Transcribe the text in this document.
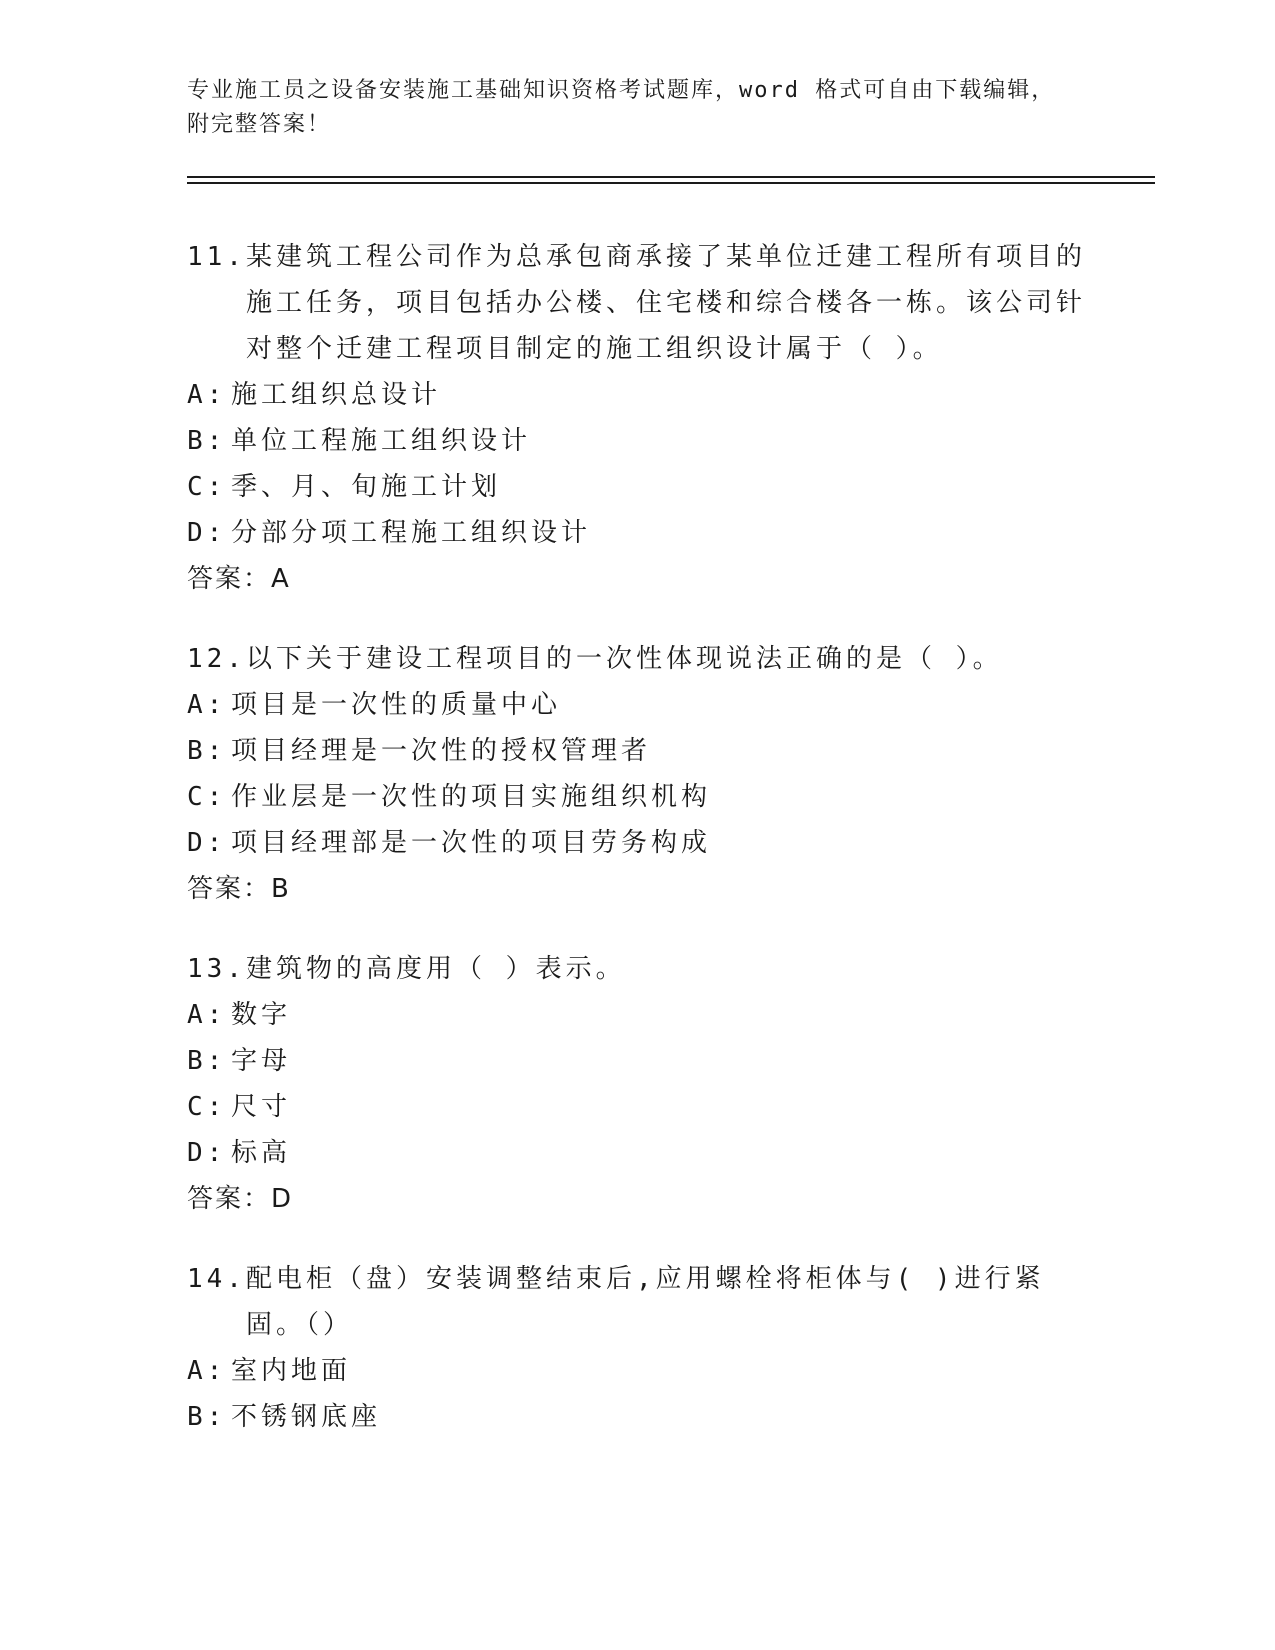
专业施工员之设备安装施工基础知识资格考试题库，word 格式可自由下载编辑，
附完整答案！
11. 某建筑工程公司作为总承包商承接了某单位迁建工程所有项目的施工任务，项目包括办公楼、住宅楼和综合楼各一栋。该公司针对整个迁建工程项目制定的施工组织设计属于（ ）。
A: 施工组织总设计
B: 单位工程施工组织设计
C: 季、月、旬施工计划
D: 分部分项工程施工组织设计
答案：A
12. 以下关于建设工程项目的一次性体现说法正确的是（ ）。
A: 项目是一次性的质量中心
B: 项目经理是一次性的授权管理者
C: 作业层是一次性的项目实施组织机构
D: 项目经理部是一次性的项目劳务构成
答案：B
13. 建筑物的高度用（ ）表示。
A: 数字
B: 字母
C: 尺寸
D: 标高
答案：D
14. 配电柜（盘）安装调整结束后,应用螺栓将柜体与( )进行紧固。（）
A: 室内地面
B: 不锈钢底座
